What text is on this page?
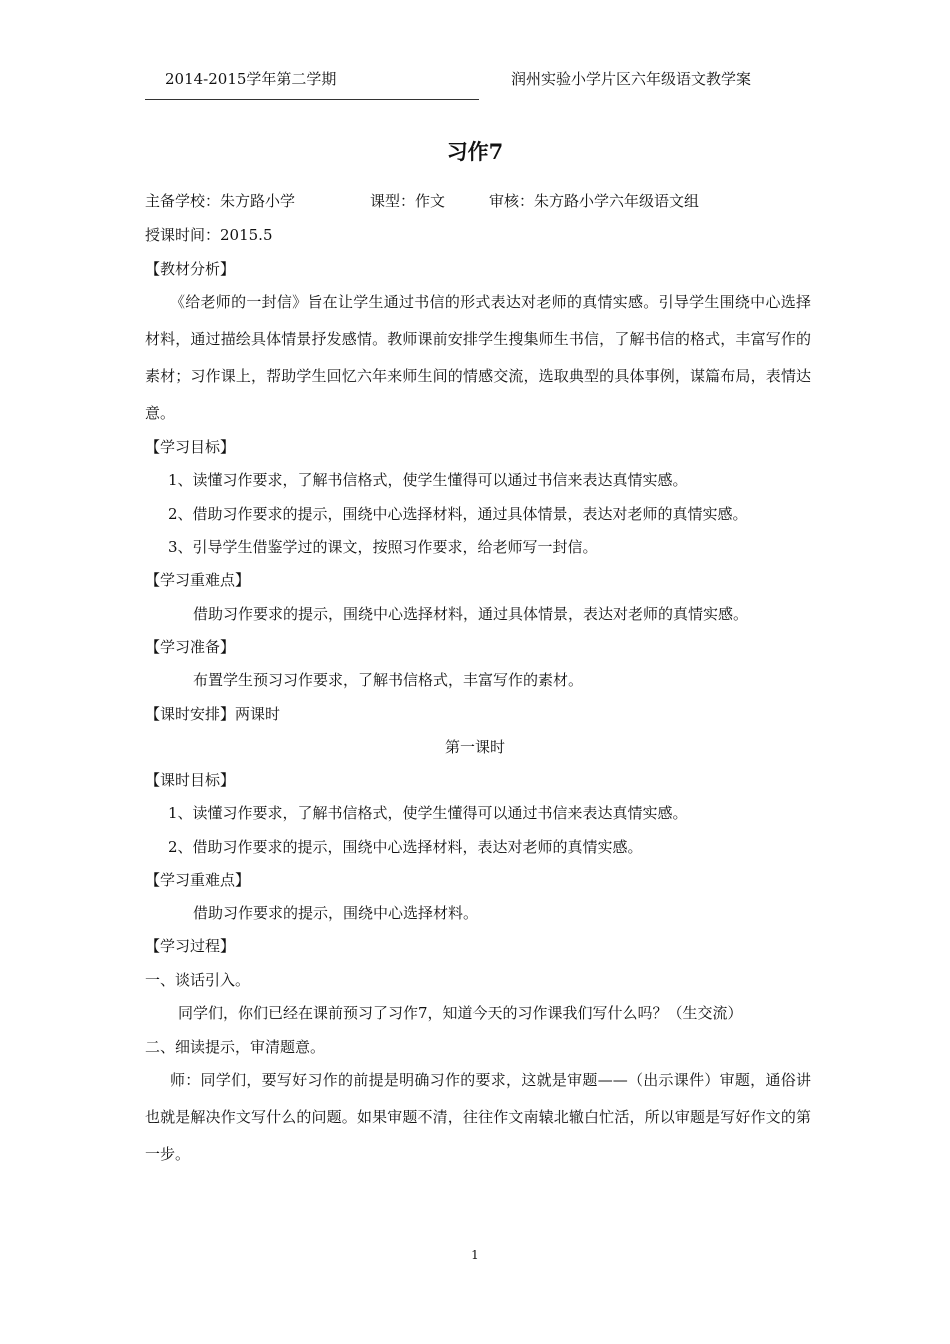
2014-2015学年第二学期	润州实验小学片区六年级语文教学案
习作7
主备学校：朱方路小学	课型：作文	审核：朱方路小学六年级语文组
授课时间：2015.5
【教材分析】
《给老师的一封信》旨在让学生通过书信的形式表达对老师的真情实感。引导学生围绕中心选择材料，通过描绘具体情景抒发感情。教师课前安排学生搜集师生书信，了解书信的格式，丰富写作的素材；习作课上，帮助学生回忆六年来师生间的情感交流，选取典型的具体事例，谋篇布局，表情达意。
【学习目标】
1、读懂习作要求，了解书信格式，使学生懂得可以通过书信来表达真情实感。
2、借助习作要求的提示，围绕中心选择材料，通过具体情景，表达对老师的真情实感。
3、引导学生借鉴学过的课文，按照习作要求，给老师写一封信。
【学习重难点】
借助习作要求的提示，围绕中心选择材料，通过具体情景，表达对老师的真情实感。
【学习准备】
布置学生预习习作要求，了解书信格式，丰富写作的素材。
【课时安排】两课时
第一课时
【课时目标】
1、读懂习作要求，了解书信格式，使学生懂得可以通过书信来表达真情实感。
2、借助习作要求的提示，围绕中心选择材料，表达对老师的真情实感。
【学习重难点】
借助习作要求的提示，围绕中心选择材料。
【学习过程】
一、谈话引入。
同学们，你们已经在课前预习了习作7，知道今天的习作课我们写什么吗？（生交流）
二、细读提示，审清题意。
师：同学们，要写好习作的前提是明确习作的要求，这就是审题——（出示课件）审题，通俗讲也就是解决作文写什么的问题。如果审题不清，往往作文南辕北辙白忙活，所以审题是写好作文的第一步。
1
